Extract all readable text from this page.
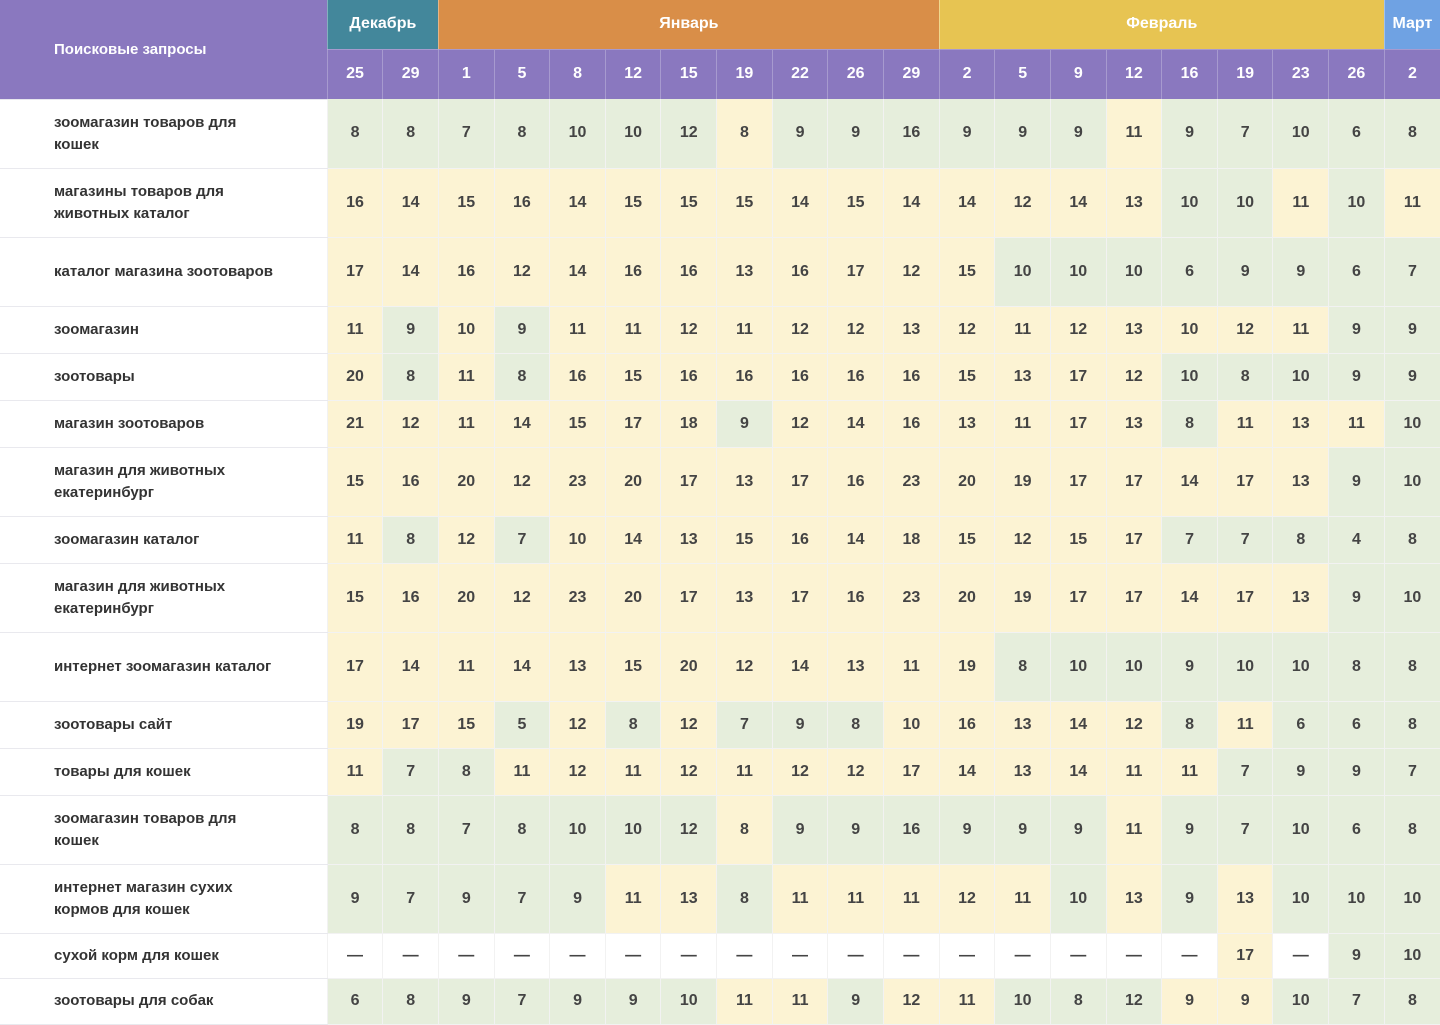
Поисковые запросы	Декабрь		Январь									Февраль								Март
	25	29	1	5	8	12	15	19	22	26	29	2	5	9	12	16	19	23	26	2
зоомагазин товаров для кошек	8	8	7	8	10	10	12	8	9	9	16	9	9	9	11	9	7	10	6	8
магазины товаров для животных каталог	16	14	15	16	14	15	15	15	14	15	14	14	12	14	13	10	10	11	10	11
каталог магазина зоотоваров	17	14	16	12	14	16	16	13	16	17	12	15	10	10	10	6	9	9	6	7
зоомагазин	11	9	10	9	11	11	12	11	12	12	13	12	11	12	13	10	12	11	9	9
зоотовары	20	8	11	8	16	15	16	16	16	16	16	15	13	17	12	10	8	10	9	9
магазин зоотоваров	21	12	11	14	15	17	18	9	12	14	16	13	11	17	13	8	11	13	11	10
магазин для животных екатеринбург	15	16	20	12	23	20	17	13	17	16	23	20	19	17	17	14	17	13	9	10
зоомагазин каталог	11	8	12	7	10	14	13	15	16	14	18	15	12	15	17	7	7	8	4	8
магазин для животных екатеринбург	15	16	20	12	23	20	17	13	17	16	23	20	19	17	17	14	17	13	9	10
интернет зоомагазин каталог	17	14	11	14	13	15	20	12	14	13	11	19	8	10	10	9	10	10	8	8
зоотовары сайт	19	17	15	5	12	8	12	7	9	8	10	16	13	14	12	8	11	6	6	8
товары для кошек	11	7	8	11	12	11	12	11	12	12	17	14	13	14	11	11	7	9	9	7
зоомагазин товаров для кошек	8	8	7	8	10	10	12	8	9	9	16	9	9	9	11	9	7	10	6	8
интернет магазин сухих кормов для кошек	9	7	9	7	9	11	13	8	11	11	11	12	11	10	13	9	13	10	10	10
сухой корм для кошек	—	—	—	—	—	—	—	—	—	—	—	—	—	—	—	—	17	—	9	10
зоотовары для собак	6	8	9	7	9	9	10	11	11	9	12	11	10	8	12	9	9	10	7	8
